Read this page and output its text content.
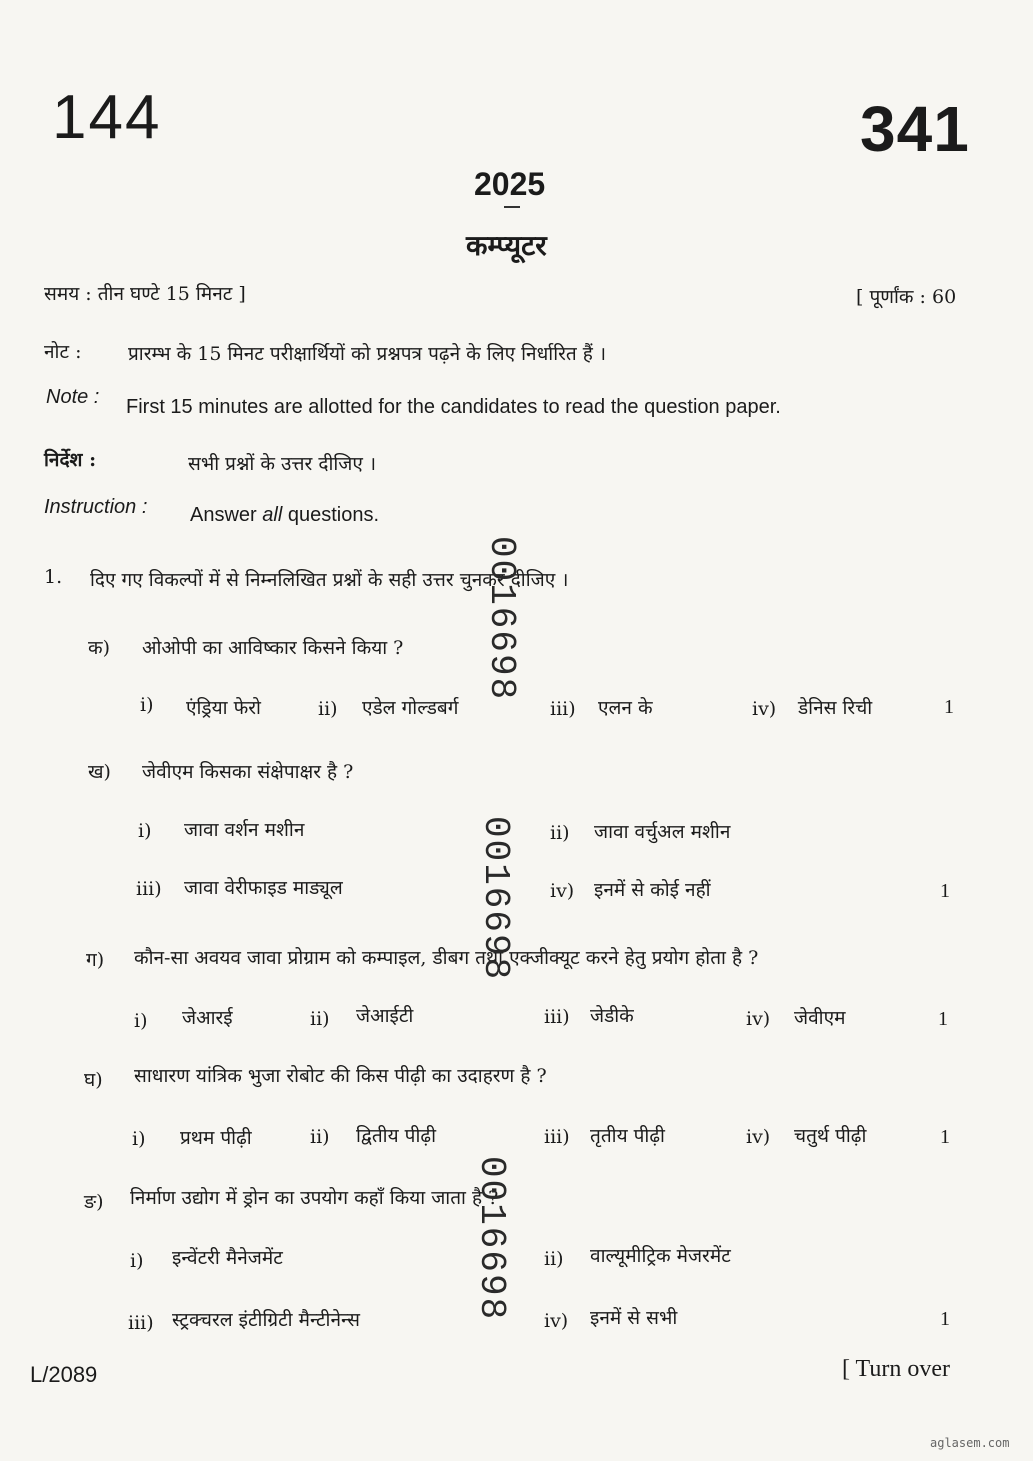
144	341
2025
कम्प्यूटर
समय : तीन घण्टे 15 मिनट ]	[ पूर्णांक : 60
नोट : प्रारम्भ के 15 मिनट परीक्षार्थियों को प्रश्नपत्र पढ़ने के लिए निर्धारित हैं ।
Note : First 15 minutes are allotted for the candidates to read the question paper.
निर्देश :	सभी प्रश्नों के उत्तर दीजिए ।
Instruction : Answer all questions.
1. दिए गए विकल्पों में से निम्नलिखित प्रश्नों के सही उत्तर चुनकर दीजिए ।
क) ओओपी का आविष्कार किसने किया ?
i) एंड्रिया फेरो	ii) एडेल गोल्डबर्ग	iii) एलन के	iv) डेनिस रिची	1
ख) जेवीएम किसका संक्षेपाक्षर है ?
i) जावा वर्शन मशीन	ii) जावा वर्चुअल मशीन
iii) जावा वेरीफाइड माड्यूल	iv) इनमें से कोई नहीं	1
ग) कौन-सा अवयव जावा प्रोग्राम को कम्पाइल, डीबग तथा एक्जीक्यूट करने हेतु प्रयोग होता है ?
i) जेआरई	ii) जेआईटी	iii) जेडीके	iv) जेवीएम	1
घ) साधारण यांत्रिक भुजा रोबोट की किस पीढ़ी का उदाहरण है ?
i) प्रथम पीढ़ी	ii) द्वितीय पीढ़ी	iii) तृतीय पीढ़ी	iv) चतुर्थ पीढ़ी	1
ङ) निर्माण उद्योग में ड्रोन का उपयोग कहाँ किया जाता है ?
i) इन्वेंटरी मैनेजमेंट	ii) वाल्यूमीट्रिक मेजरमेंट
iii) स्ट्रक्चरल इंटीग्रिटी मैन्टीनेन्स	iv) इनमें से सभी	1
0016698
0016698
0016698
L/2089	[ Turn over
aglasem.com
